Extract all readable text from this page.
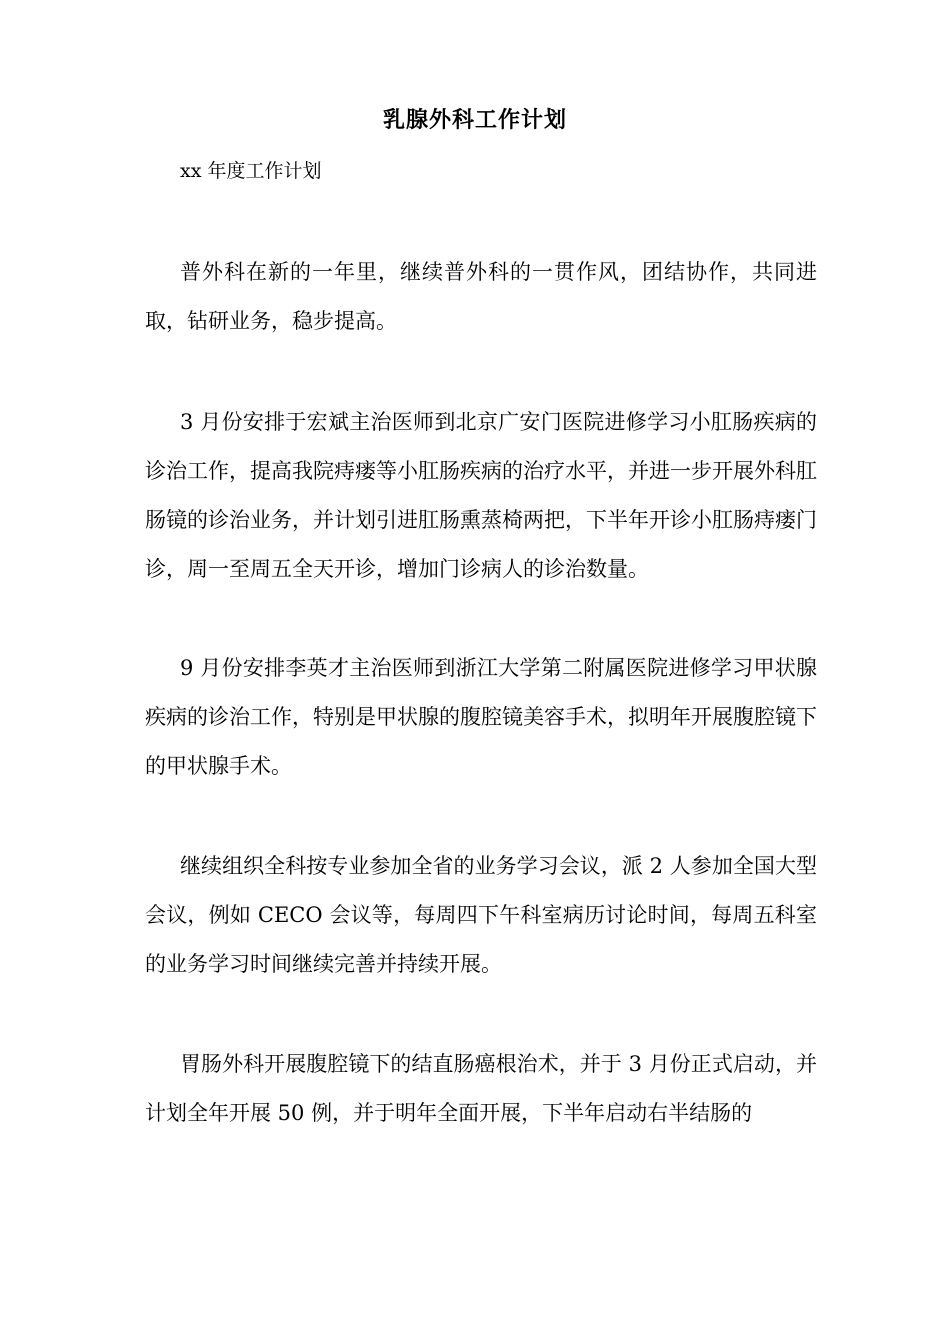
乳腺外科工作计划
xx 年度工作计划

普外科在新的一年里，继续普外科的一贯作风，团结协作，共同进取，钻研业务，稳步提高。

3 月份安排于宏斌主治医师到北京广安门医院进修学习小肛肠疾病的诊治工作，提高我院痔瘘等小肛肠疾病的治疗水平，并进一步开展外科肛肠镜的诊治业务，并计划引进肛肠熏蒸椅两把，下半年开诊小肛肠痔瘘门诊，周一至周五全天开诊，增加门诊病人的诊治数量。

9 月份安排李英才主治医师到浙江大学第二附属医院进修学习甲状腺疾病的诊治工作，特别是甲状腺的腹腔镜美容手术，拟明年开展腹腔镜下的甲状腺手术。

继续组织全科按专业参加全省的业务学习会议，派 2 人参加全国大型会议，例如 CECO 会议等，每周四下午科室病历讨论时间，每周五科室的业务学习时间继续完善并持续开展。

胃肠外科开展腹腔镜下的结直肠癌根治术，并于 3 月份正式启动，并计划全年开展 50 例，并于明年全面开展，下半年启动右半结肠的
